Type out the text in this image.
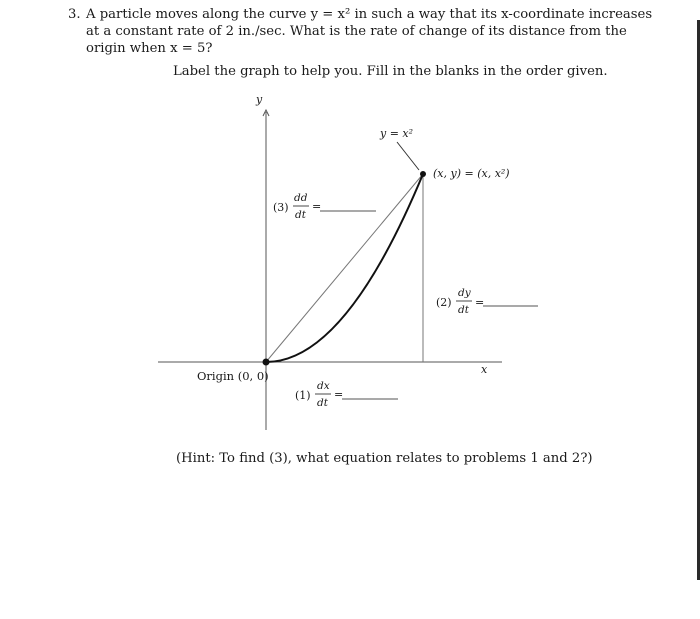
3. A particle moves along the curve y = x² in such a way that its x-coordinate increases at a constant rate of 2 in./sec. What is the rate of change of its distance from the origin when x = 5?
Label the graph to help you. Fill in the blanks in the order given.
y
x
y = x²
(x, y) = (x, x²)
Origin (0, 0)
(3)
dd
dt
=
(2)
dy
dt
=
(1)
dx
dt
=
(Hint: To find (3), what equation relates to problems 1 and 2?)
